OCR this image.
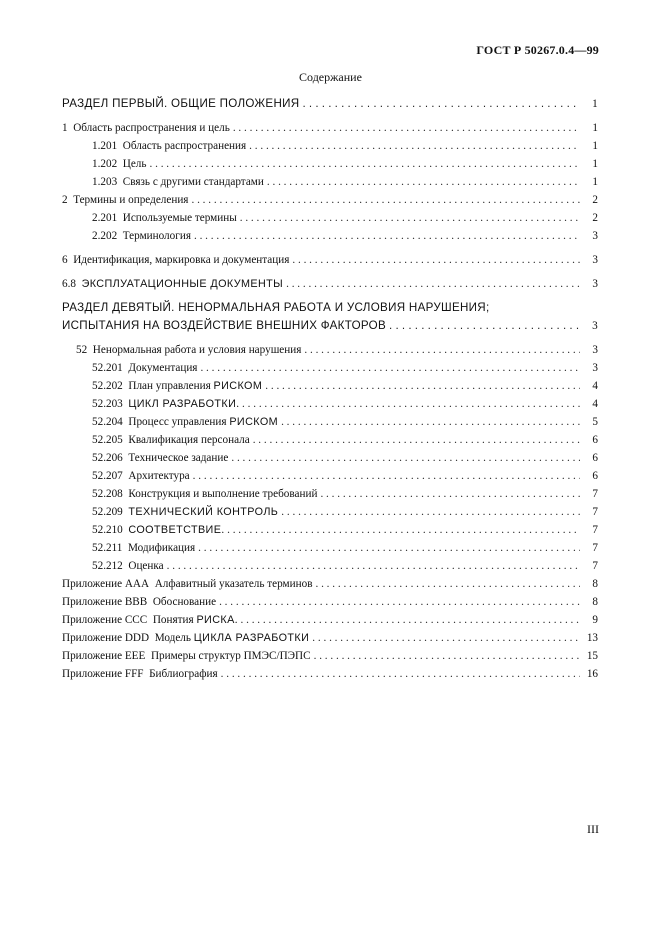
ГОСТ Р 50267.0.4—99
Содержание
РАЗДЕЛ ПЕРВЫЙ. ОБЩИЕ ПОЛОЖЕНИЯ . . .	1
1 Область распространения и цель . . .	1
1.201 Область распространения . . .	1
1.202 Цель . . .	1
1.203 Связь с другими стандартами . . .	1
2 Термины и определения . . .	2
2.201 Используемые термины . . .	2
2.202 Терминология . . .	3
6 Идентификация, маркировка и документация . . .	3
6.8 ЭКСПЛУАТАЦИОННЫЕ ДОКУМЕНТЫ . . .	3
РАЗДЕЛ ДЕВЯТЫЙ. НЕНОРМАЛЬНАЯ РАБОТА И УСЛОВИЯ НАРУШЕНИЯ;
ИСПЫТАНИЯ НА ВОЗДЕЙСТВИЕ ВНЕШНИХ ФАКТОРОВ . . .	3
52 Ненормальная работа и условия нарушения . . .	3
52.201 Документация . . .	3
52.202 План управления РИСКОМ . . .	4
52.203 ЦИКЛ РАЗРАБОТКИ. . . .	4
52.204 Процесс управления РИСКОМ . . .	5
52.205 Квалификация персонала . . .	6
52.206 Техническое задание . . .	6
52.207 Архитектура . . .	6
52.208 Конструкция и выполнение требований . . .	7
52.209 ТЕХНИЧЕСКИЙ КОНТРОЛЬ . . .	7
52.210 СООТВЕТСТВИЕ. . . .	7
52.211 Модификация . . .	7
52.212 Оценка . . .	7
Приложение AAA Алфавитный указатель терминов . . .	8
Приложение BBB Обоснование . . .	8
Приложение CCC Понятия РИСКА. . . .	9
Приложение DDD Модель ЦИКЛА РАЗРАБОТКИ . . .	13
Приложение EEE Примеры структур ПМЭС/ПЭПС . . .	15
Приложение FFF Библиография . . .	16
III
